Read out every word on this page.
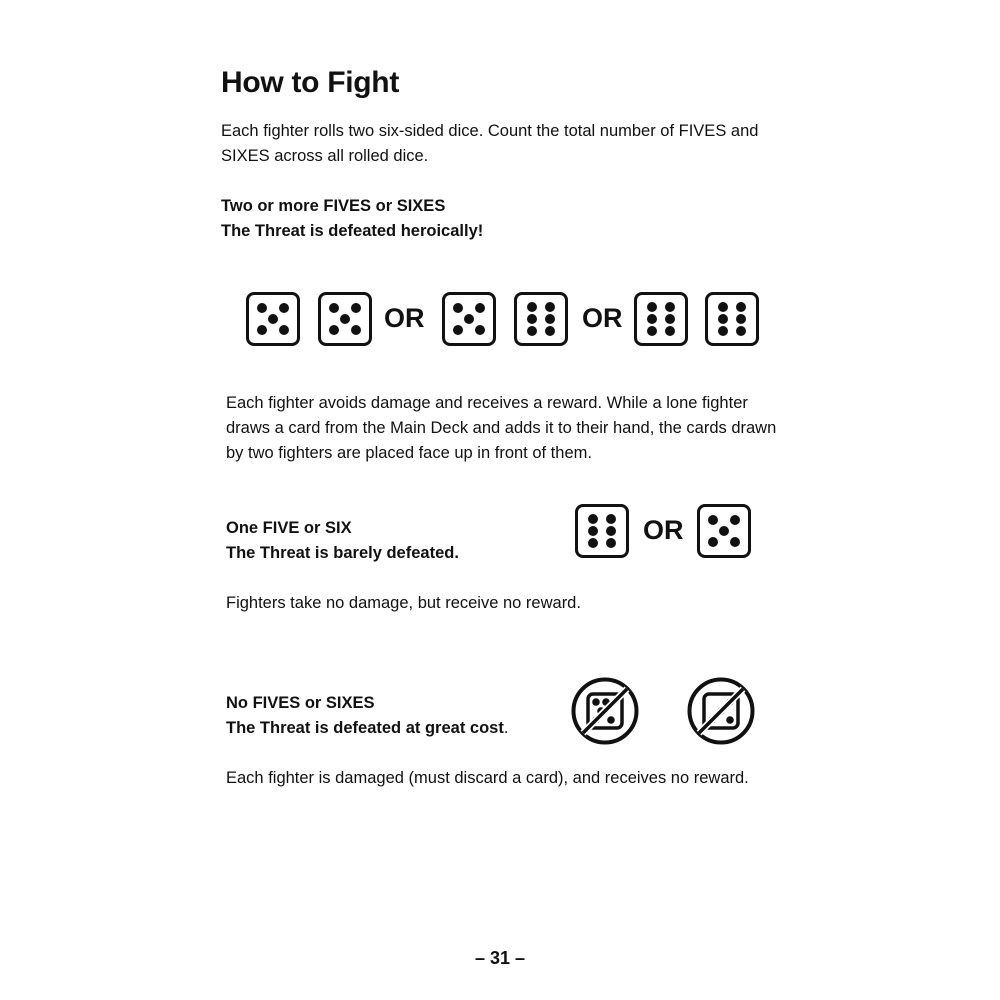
How to Fight

Each fighter rolls two six-sided dice. Count the total number of FIVES and SIXES across all rolled dice.

Two or more FIVES or SIXES
The Threat is defeated heroically!
OR	OR

Each fighter avoids damage and receives a reward. While a lone fighter draws a card from the Main Deck and adds it to their hand, the cards drawn by two fighters are placed face up in front of them.

One FIVE or SIX
The Threat is barely defeated.
OR

Fighters take no damage, but receive no reward.

No FIVES or SIXES
The Threat is defeated at great cost.

Each fighter is damaged (must discard a card), and receives no reward.

– 31 –
